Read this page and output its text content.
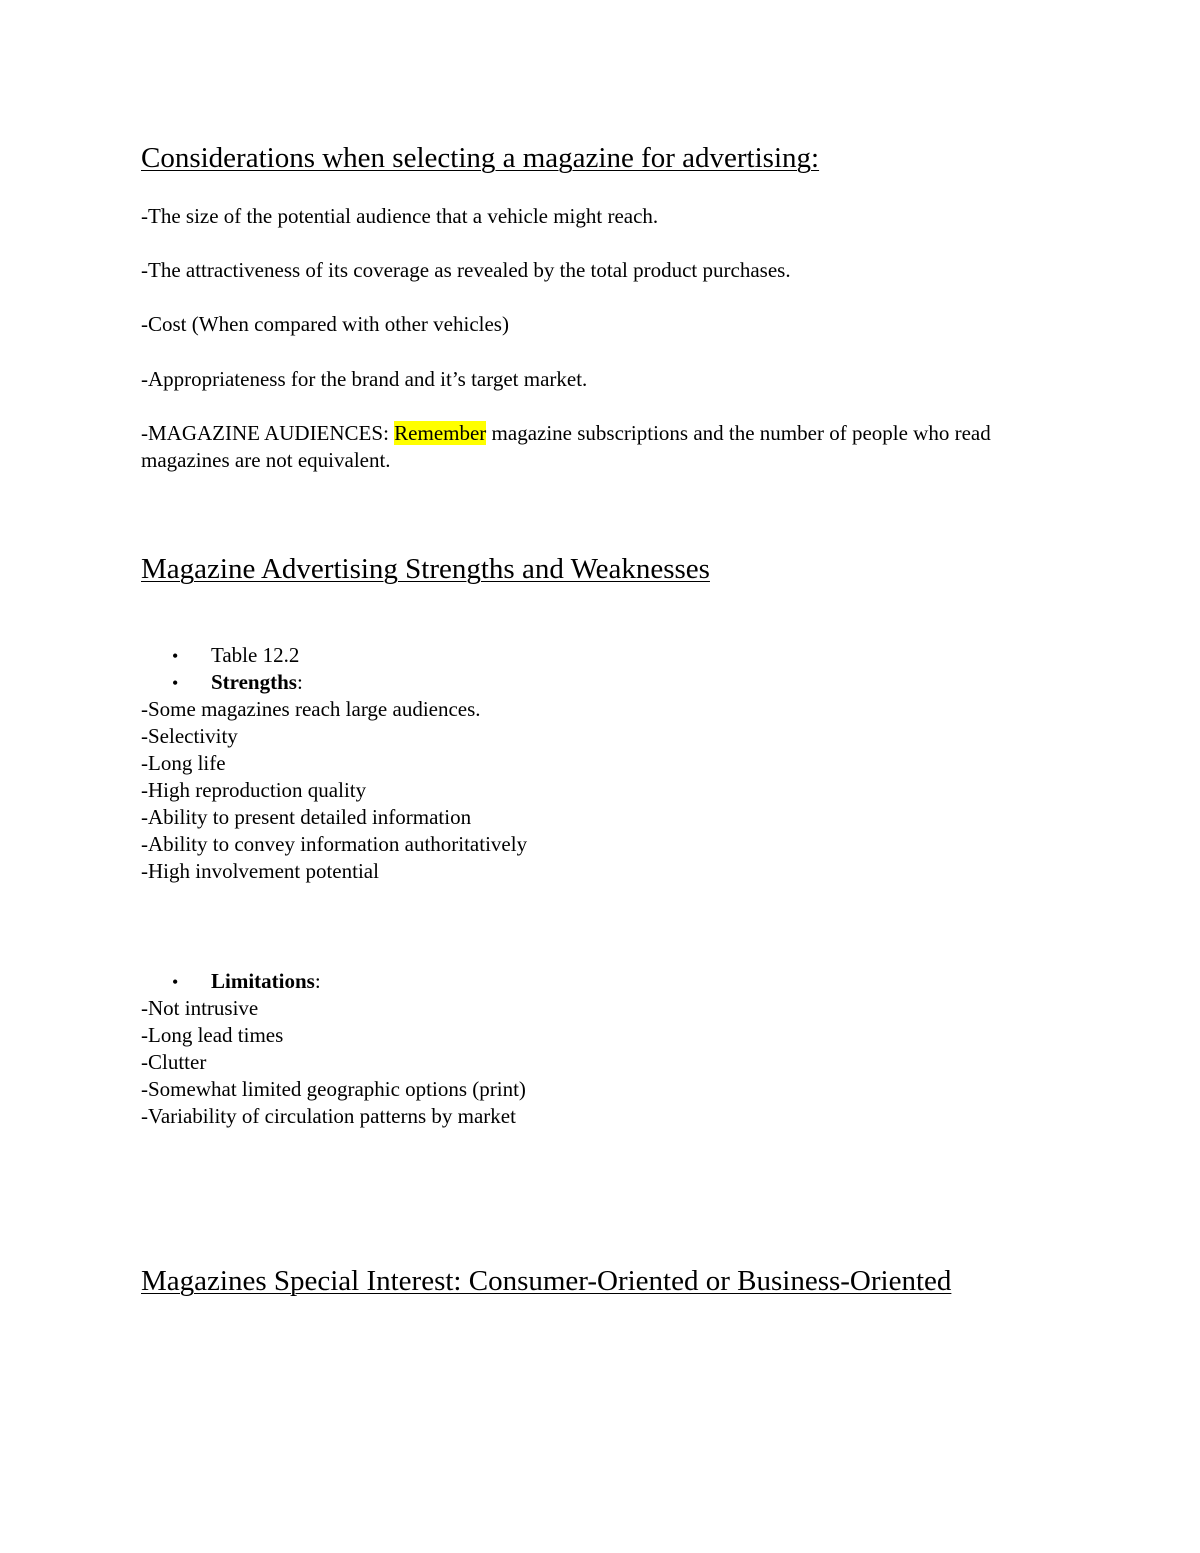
Considerations when selecting a magazine for advertising:

-The size of the potential audience that a vehicle might reach.

-The attractiveness of its coverage as revealed by the total product purchases.

-Cost (When compared with other vehicles)

-Appropriateness for the brand and it’s target market.

-MAGAZINE AUDIENCES: Remember magazine subscriptions and the number of people who read magazines are not equivalent.

Magazine Advertising Strengths and Weaknesses

• Table 12.2

• Strengths:

-Some magazines reach large audiences.
-Selectivity
-Long life
-High reproduction quality
-Ability to present detailed information
-Ability to convey information authoritatively
-High involvement potential

• Limitations:

-Not intrusive
-Long lead times
-Clutter
-Somewhat limited geographic options (print)
-Variability of circulation patterns by market
Magazines Special Interest: Consumer-Oriented or Business-Oriented
